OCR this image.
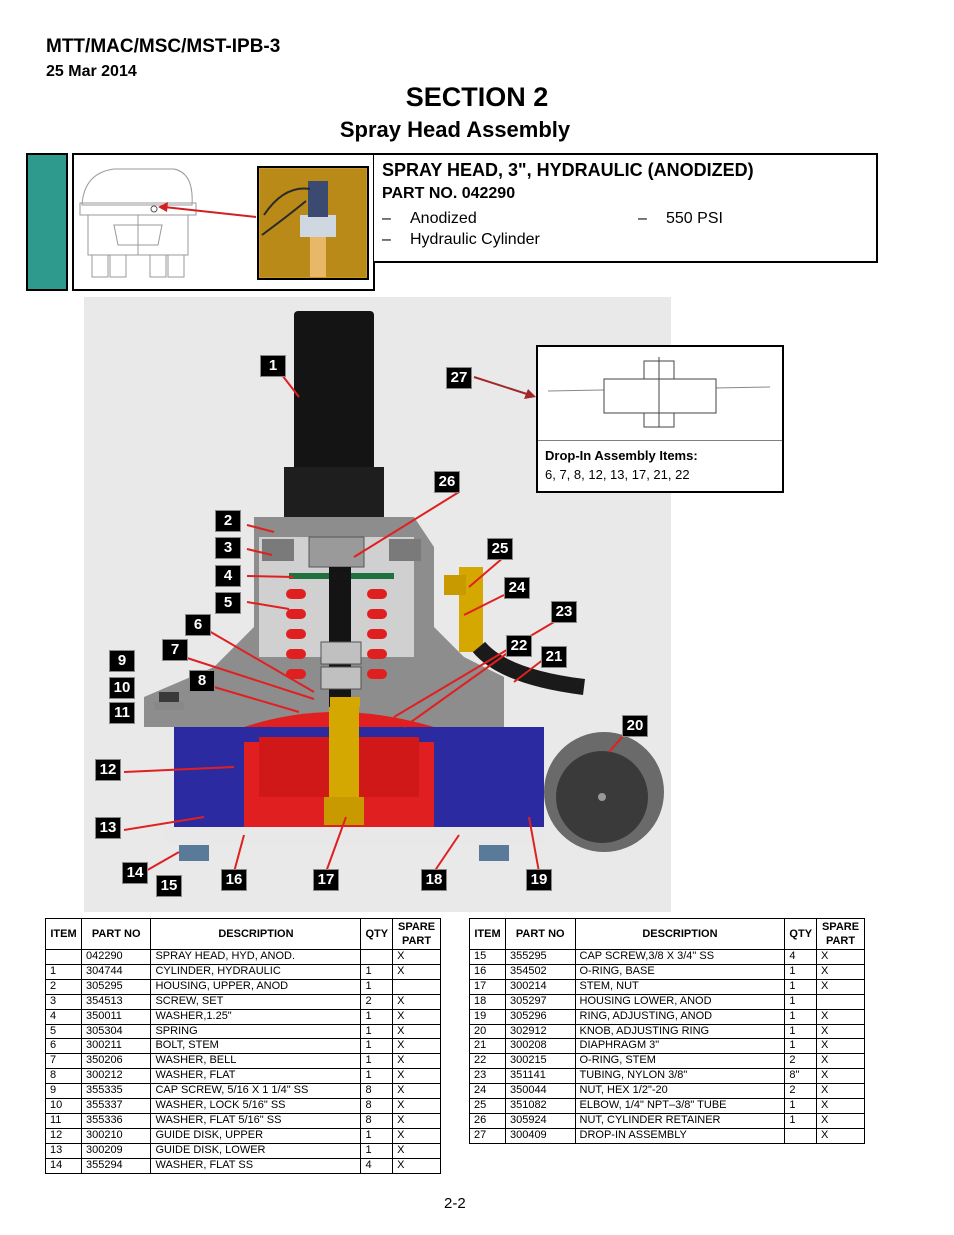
MTT/MAC/MSC/MST-IPB-3
25 Mar 2014
SECTION 2
Spray Head Assembly
SPRAY HEAD, 3", HYDRAULIC (ANODIZED)
PART NO. 042290
– Anodized	– 550 PSI
– Hydraulic Cylinder
1
2
3
4
5
6
7
8
9
10
11
12
13
14
15	16	17	18	19
20
21
22
23
24
25
26
27
Drop-In Assembly Items:
6, 7, 8, 12, 13, 17, 21, 22
ITEM	PART NO	DESCRIPTION	QTY	SPARE
PART
	042290	SPRAY HEAD, HYD, ANOD.		X
1	304744	CYLINDER, HYDRAULIC	1	X
2	305295	HOUSING, UPPER, ANOD	1	
3	354513	SCREW, SET	2	X
4	350011	WASHER,1.25"	1	X
5	305304	SPRING	1	X
6	300211	BOLT, STEM	1	X
7	350206	WASHER, BELL	1	X
8	300212	WASHER, FLAT	1	X
9	355335	CAP SCREW, 5/16 X 1 1/4" SS	8	X
10	355337	WASHER, LOCK 5/16" SS	8	X
11	355336	WASHER, FLAT 5/16" SS	8	X
12	300210	GUIDE DISK, UPPER	1	X
13	300209	GUIDE DISK, LOWER	1	X
14	355294	WASHER, FLAT SS	4	X
ITEM	PART NO	DESCRIPTION	QTY	SPARE
PART
15	355295	CAP SCREW,3/8 X 3/4" SS	4	X
16	354502	O-RING, BASE	1	X
17	300214	STEM, NUT	1	X
18	305297	HOUSING LOWER, ANOD	1	
19	305296	RING, ADJUSTING, ANOD	1	X
20	302912	KNOB, ADJUSTING RING	1	X
21	300208	DIAPHRAGM 3"	1	X
22	300215	O-RING, STEM	2	X
23	351141	TUBING, NYLON 3/8"	8"	X
24	350044	NUT, HEX 1/2"-20	2	X
25	351082	ELBOW, 1/4" NPT–3/8" TUBE	1	X
26	305924	NUT, CYLINDER RETAINER	1	X
27	300409	DROP-IN ASSEMBLY		X
2-2
